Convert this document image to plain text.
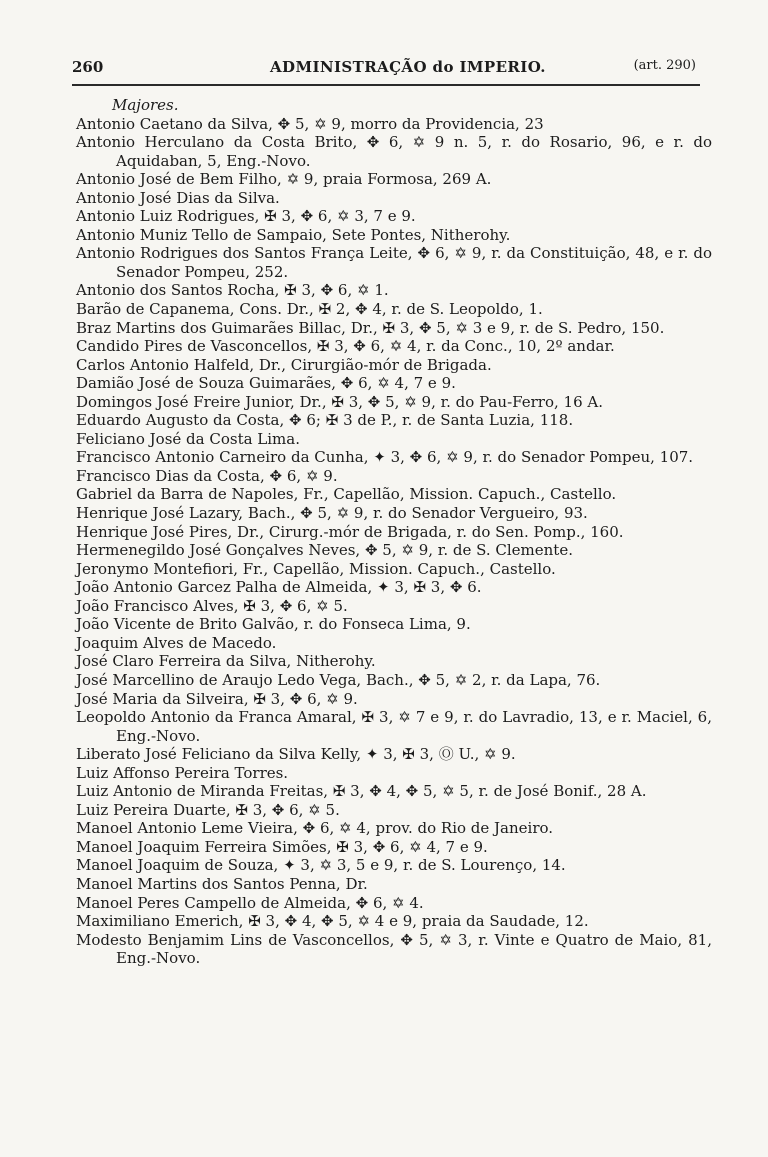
260	ADMINISTRAÇÃO do IMPERIO.	(art. 290)
Majores.
Antonio Caetano da Silva, ✥ 5, ✡ 9, morro da Providencia, 23
Antonio Herculano da Costa Brito, ✥ 6, ✡ 9 n. 5, r. do Rosario, 96, e r. do Aquidaban, 5, Eng.-Novo.
Antonio José de Bem Filho, ✡ 9, praia Formosa, 269 A.
Antonio José Dias da Silva.
Antonio Luiz Rodrigues, ✠ 3, ✥ 6, ✡ 3, 7 e 9.
Antonio Muniz Tello de Sampaio, Sete Pontes, Nitherohy.
Antonio Rodrigues dos Santos França Leite, ✥ 6, ✡ 9, r. da Constituição, 48, e r. do Senador Pompeu, 252.
Antonio dos Santos Rocha, ✠ 3, ✥ 6, ✡ 1.
Barão de Capanema, Cons. Dr., ✠ 2, ✥ 4, r. de S. Leopoldo, 1.
Braz Martins dos Guimarães Billac, Dr., ✠ 3, ✥ 5, ✡ 3 e 9, r. de S. Pedro, 150.
Candido Pires de Vasconcellos, ✠ 3, ✥ 6, ✡ 4, r. da Conc., 10, 2º andar.
Carlos Antonio Halfeld, Dr., Cirurgião-mór de Brigada.
Damião José de Souza Guimarães, ✥ 6, ✡ 4, 7 e 9.
Domingos José Freire Junior, Dr., ✠ 3, ✥ 5, ✡ 9, r. do Pau-Ferro, 16 A.
Eduardo Augusto da Costa, ✥ 6; ✠ 3 de P., r. de Santa Luzia, 118.
Feliciano José da Costa Lima.
Francisco Antonio Carneiro da Cunha, ✦ 3, ✥ 6, ✡ 9, r. do Senador Pompeu, 107.
Francisco Dias da Costa, ✥ 6, ✡ 9.
Gabriel da Barra de Napoles, Fr., Capellão, Mission. Capuch., Castello.
Henrique José Lazary, Bach., ✥ 5, ✡ 9, r. do Senador Vergueiro, 93.
Henrique José Pires, Dr., Cirurg.-mór de Brigada, r. do Sen. Pomp., 160.
Hermenegildo José Gonçalves Neves, ✥ 5, ✡ 9, r. de S. Clemente.
Jeronymo Montefiori, Fr., Capellão, Mission. Capuch., Castello.
João Antonio Garcez Palha de Almeida, ✦ 3, ✠ 3, ✥ 6.
João Francisco Alves, ✠ 3, ✥ 6, ✡ 5.
João Vicente de Brito Galvão, r. do Fonseca Lima, 9.
Joaquim Alves de Macedo.
José Claro Ferreira da Silva, Nitherohy.
José Marcellino de Araujo Ledo Vega, Bach., ✥ 5, ✡ 2, r. da Lapa, 76.
José Maria da Silveira, ✠ 3, ✥ 6, ✡ 9.
Leopoldo Antonio da Franca Amaral, ✠ 3, ✡ 7 e 9, r. do Lavradio, 13, e r. Maciel, 6, Eng.-Novo.
Liberato José Feliciano da Silva Kelly, ✦ 3, ✠ 3, Ⓞ U., ✡ 9.
Luiz Affonso Pereira Torres.
Luiz Antonio de Miranda Freitas, ✠ 3, ✥ 4, ✥ 5, ✡ 5, r. de José Bonif., 28 A.
Luiz Pereira Duarte, ✠ 3, ✥ 6, ✡ 5.
Manoel Antonio Leme Vieira, ✥ 6, ✡ 4, prov. do Rio de Janeiro.
Manoel Joaquim Ferreira Simões, ✠ 3, ✥ 6, ✡ 4, 7 e 9.
Manoel Joaquim de Souza, ✦ 3, ✡ 3, 5 e 9, r. de S. Lourenço, 14.
Manoel Martins dos Santos Penna, Dr.
Manoel Peres Campello de Almeida, ✥ 6, ✡ 4.
Maximiliano Emerich, ✠ 3, ✥ 4, ✥ 5, ✡ 4 e 9, praia da Saudade, 12.
Modesto Benjamim Lins de Vasconcellos, ✥ 5, ✡ 3, r. Vinte e Quatro de Maio, 81, Eng.-Novo.
